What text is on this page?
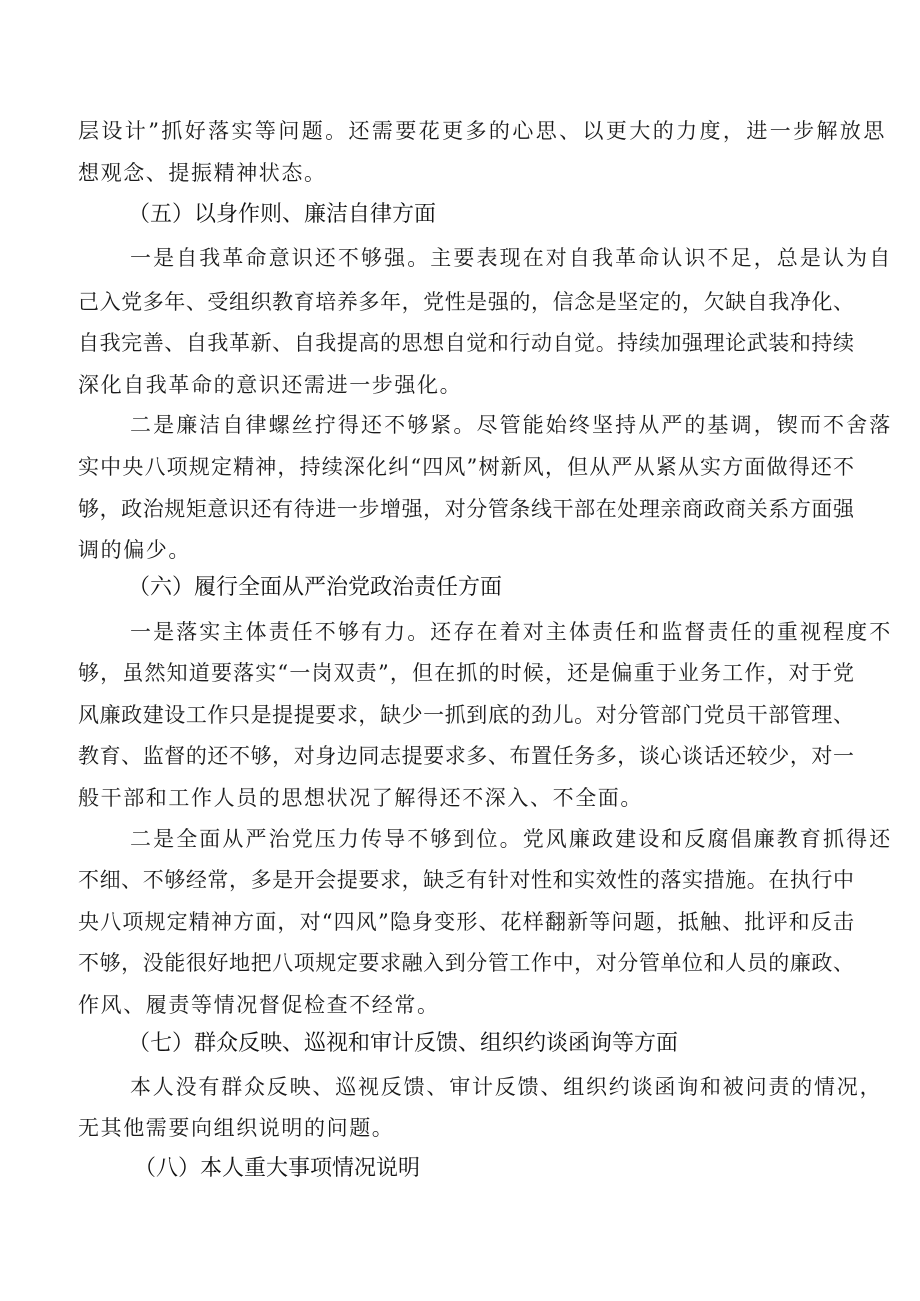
层设计”抓好落实等问题。还需要花更多的心思、以更大的力度，进一步解放思
想观念、提振精神状态。
（五）以身作则、廉洁自律方面
一是自我革命意识还不够强。主要表现在对自我革命认识不足，总是认为自
己入党多年、受组织教育培养多年，党性是强的，信念是坚定的，欠缺自我净化、
自我完善、自我革新、自我提高的思想自觉和行动自觉。持续加强理论武装和持续
深化自我革命的意识还需进一步强化。
二是廉洁自律螺丝拧得还不够紧。尽管能始终坚持从严的基调，锲而不舍落
实中央八项规定精神，持续深化纠“四风”树新风，但从严从紧从实方面做得还不
够，政治规矩意识还有待进一步增强，对分管条线干部在处理亲商政商关系方面强
调的偏少。
（六）履行全面从严治党政治责任方面
一是落实主体责任不够有力。还存在着对主体责任和监督责任的重视程度不
够，虽然知道要落实“一岗双责”，但在抓的时候，还是偏重于业务工作，对于党
风廉政建设工作只是提提要求，缺少一抓到底的劲儿。对分管部门党员干部管理、
教育、监督的还不够，对身边同志提要求多、布置任务多，谈心谈话还较少，对一
般干部和工作人员的思想状况了解得还不深入、不全面。
二是全面从严治党压力传导不够到位。党风廉政建设和反腐倡廉教育抓得还
不细、不够经常，多是开会提要求，缺乏有针对性和实效性的落实措施。在执行中
央八项规定精神方面，对“四风”隐身变形、花样翻新等问题，抵触、批评和反击
不够，没能很好地把八项规定要求融入到分管工作中，对分管单位和人员的廉政、
作风、履责等情况督促检查不经常。
（七）群众反映、巡视和审计反馈、组织约谈函询等方面
本人没有群众反映、巡视反馈、审计反馈、组织约谈函询和被问责的情况，
无其他需要向组织说明的问题。
（八）本人重大事项情况说明
